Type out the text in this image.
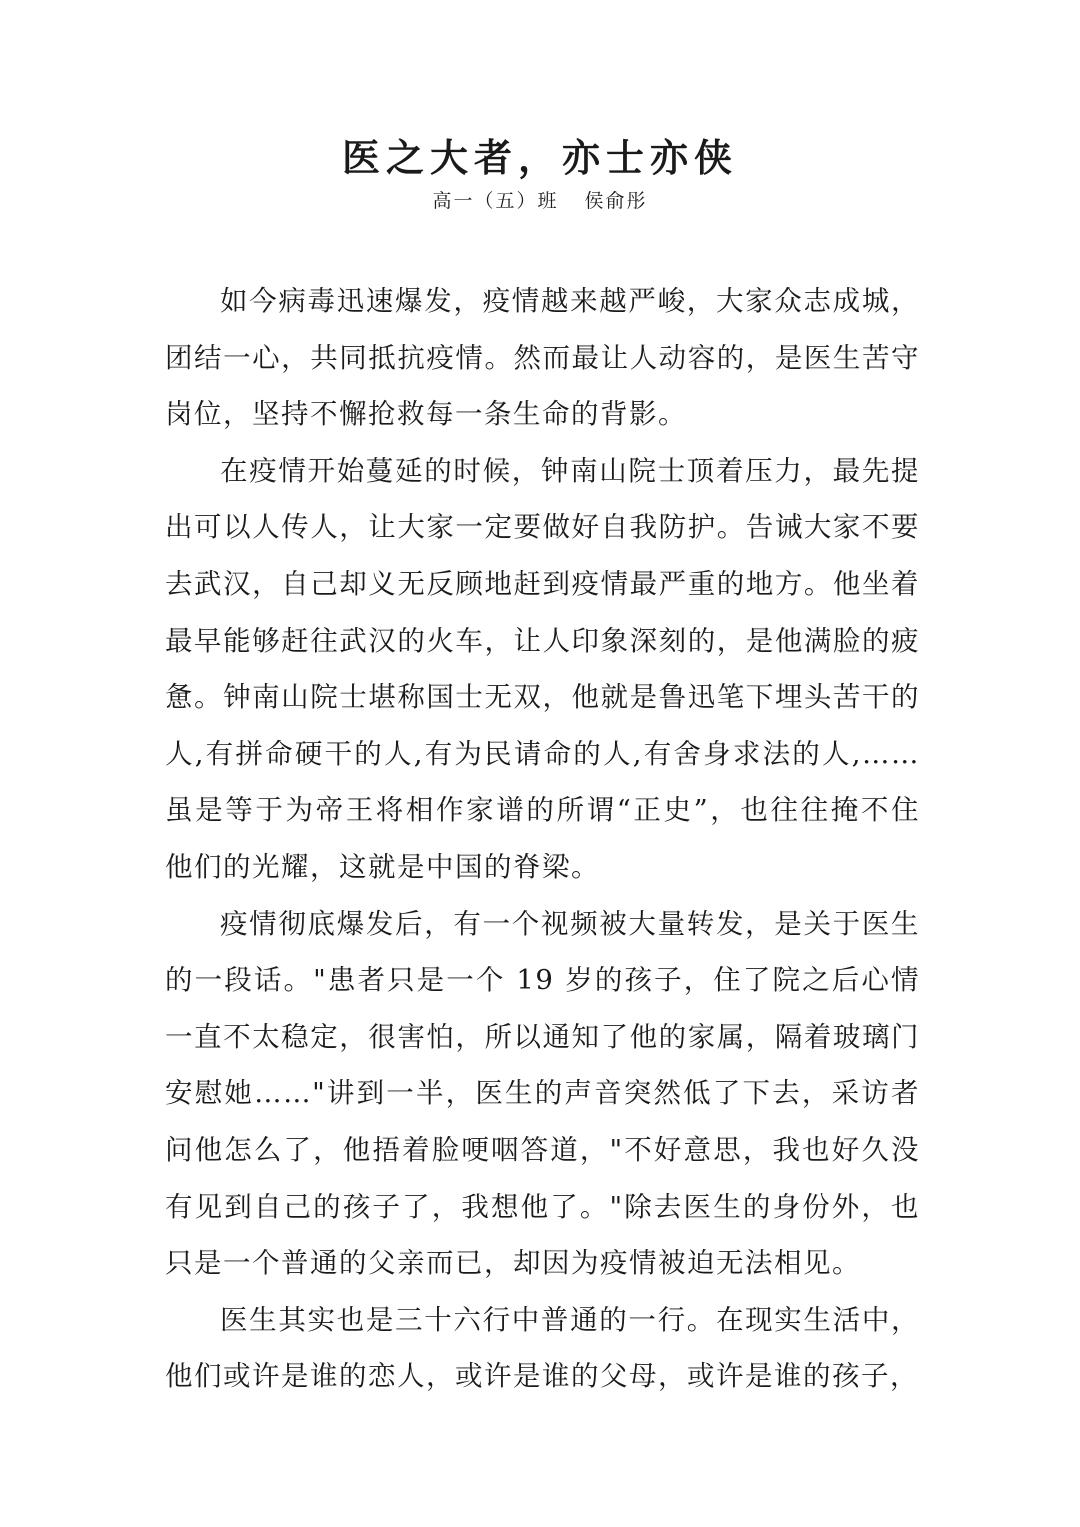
医之大者，亦士亦侠
高一（五）班 侯俞彤

如今病毒迅速爆发，疫情越来越严峻，大家众志成城，团结一心，共同抵抗疫情。然而最让人动容的，是医生苦守岗位，坚持不懈抢救每一条生命的背影。

在疫情开始蔓延的时候，钟南山院士顶着压力，最先提出可以人传人，让大家一定要做好自我防护。告诫大家不要去武汉，自己却义无反顾地赶到疫情最严重的地方。他坐着最早能够赶往武汉的火车，让人印象深刻的，是他满脸的疲惫。钟南山院士堪称国士无双，他就是鲁迅笔下埋头苦干的人,有拼命硬干的人,有为民请命的人,有舍身求法的人,……虽是等于为帝王将相作家谱的所谓“正史”，也往往掩不住他们的光耀，这就是中国的脊梁。

疫情彻底爆发后，有一个视频被大量转发，是关于医生的一段话。"患者只是一个 19 岁的孩子，住了院之后心情一直不太稳定，很害怕，所以通知了他的家属，隔着玻璃门安慰她……"讲到一半，医生的声音突然低了下去，采访者问他怎么了，他捂着脸哽咽答道，"不好意思，我也好久没有见到自己的孩子了，我想他了。"除去医生的身份外，也只是一个普通的父亲而已，却因为疫情被迫无法相见。

医生其实也是三十六行中普通的一行。在现实生活中，他们或许是谁的恋人，或许是谁的父母，或许是谁的孩子，
